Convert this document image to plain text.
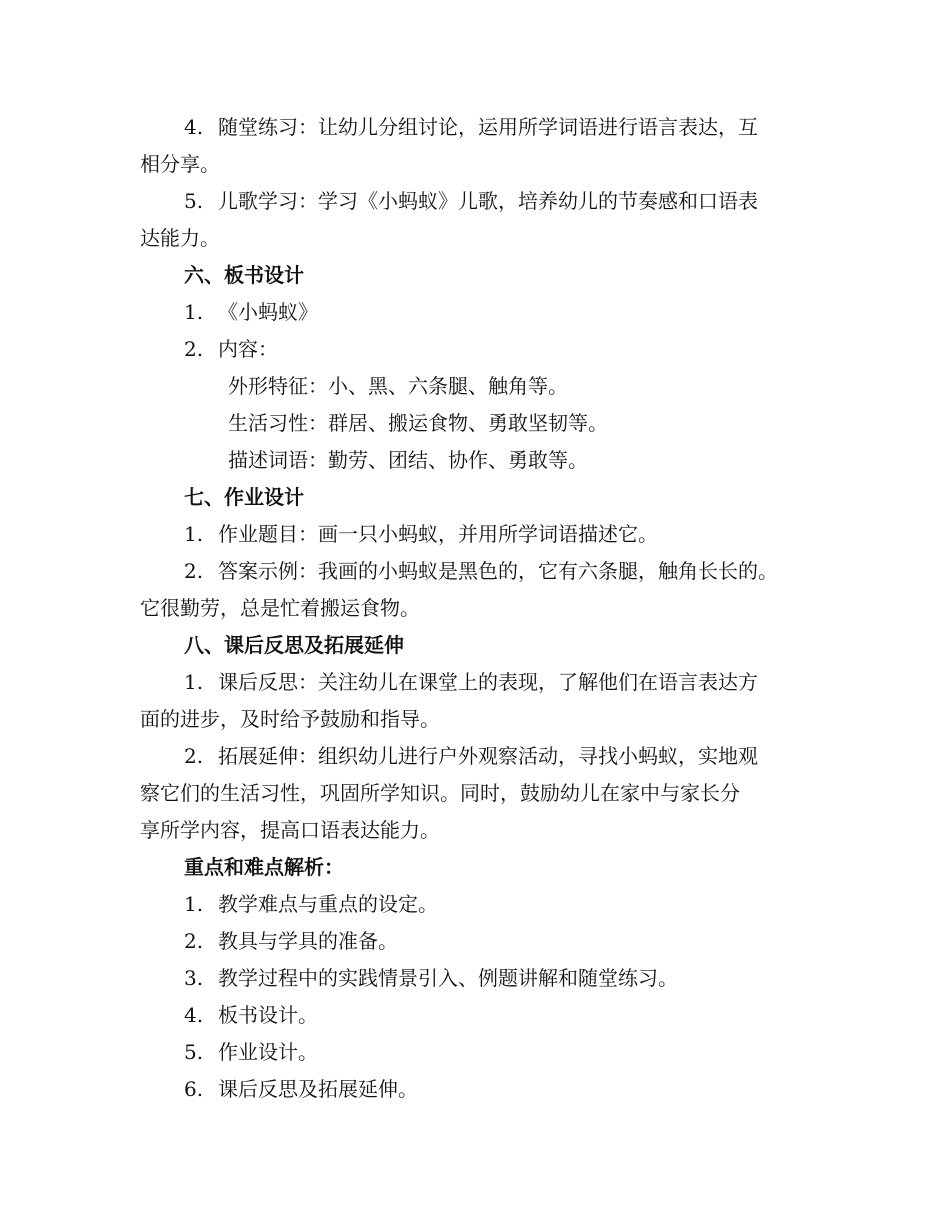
4. 随堂练习：让幼儿分组讨论，运用所学词语进行语言表达，互
相分享。
5. 儿歌学习：学习《小蚂蚁》儿歌，培养幼儿的节奏感和口语表
达能力。
六、板书设计
1. 《小蚂蚁》
2. 内容：
外形特征：小、黑、六条腿、触角等。
生活习性：群居、搬运食物、勇敢坚韧等。
描述词语：勤劳、团结、协作、勇敢等。
七、作业设计
1. 作业题目：画一只小蚂蚁，并用所学词语描述它。
2. 答案示例：我画的小蚂蚁是黑色的，它有六条腿，触角长长的。
它很勤劳，总是忙着搬运食物。
八、课后反思及拓展延伸
1. 课后反思：关注幼儿在课堂上的表现，了解他们在语言表达方
面的进步，及时给予鼓励和指导。
2. 拓展延伸：组织幼儿进行户外观察活动，寻找小蚂蚁，实地观
察它们的生活习性，巩固所学知识。同时，鼓励幼儿在家中与家长分
享所学内容，提高口语表达能力。
重点和难点解析：
1. 教学难点与重点的设定。
2. 教具与学具的准备。
3. 教学过程中的实践情景引入、例题讲解和随堂练习。
4. 板书设计。
5. 作业设计。
6. 课后反思及拓展延伸。
